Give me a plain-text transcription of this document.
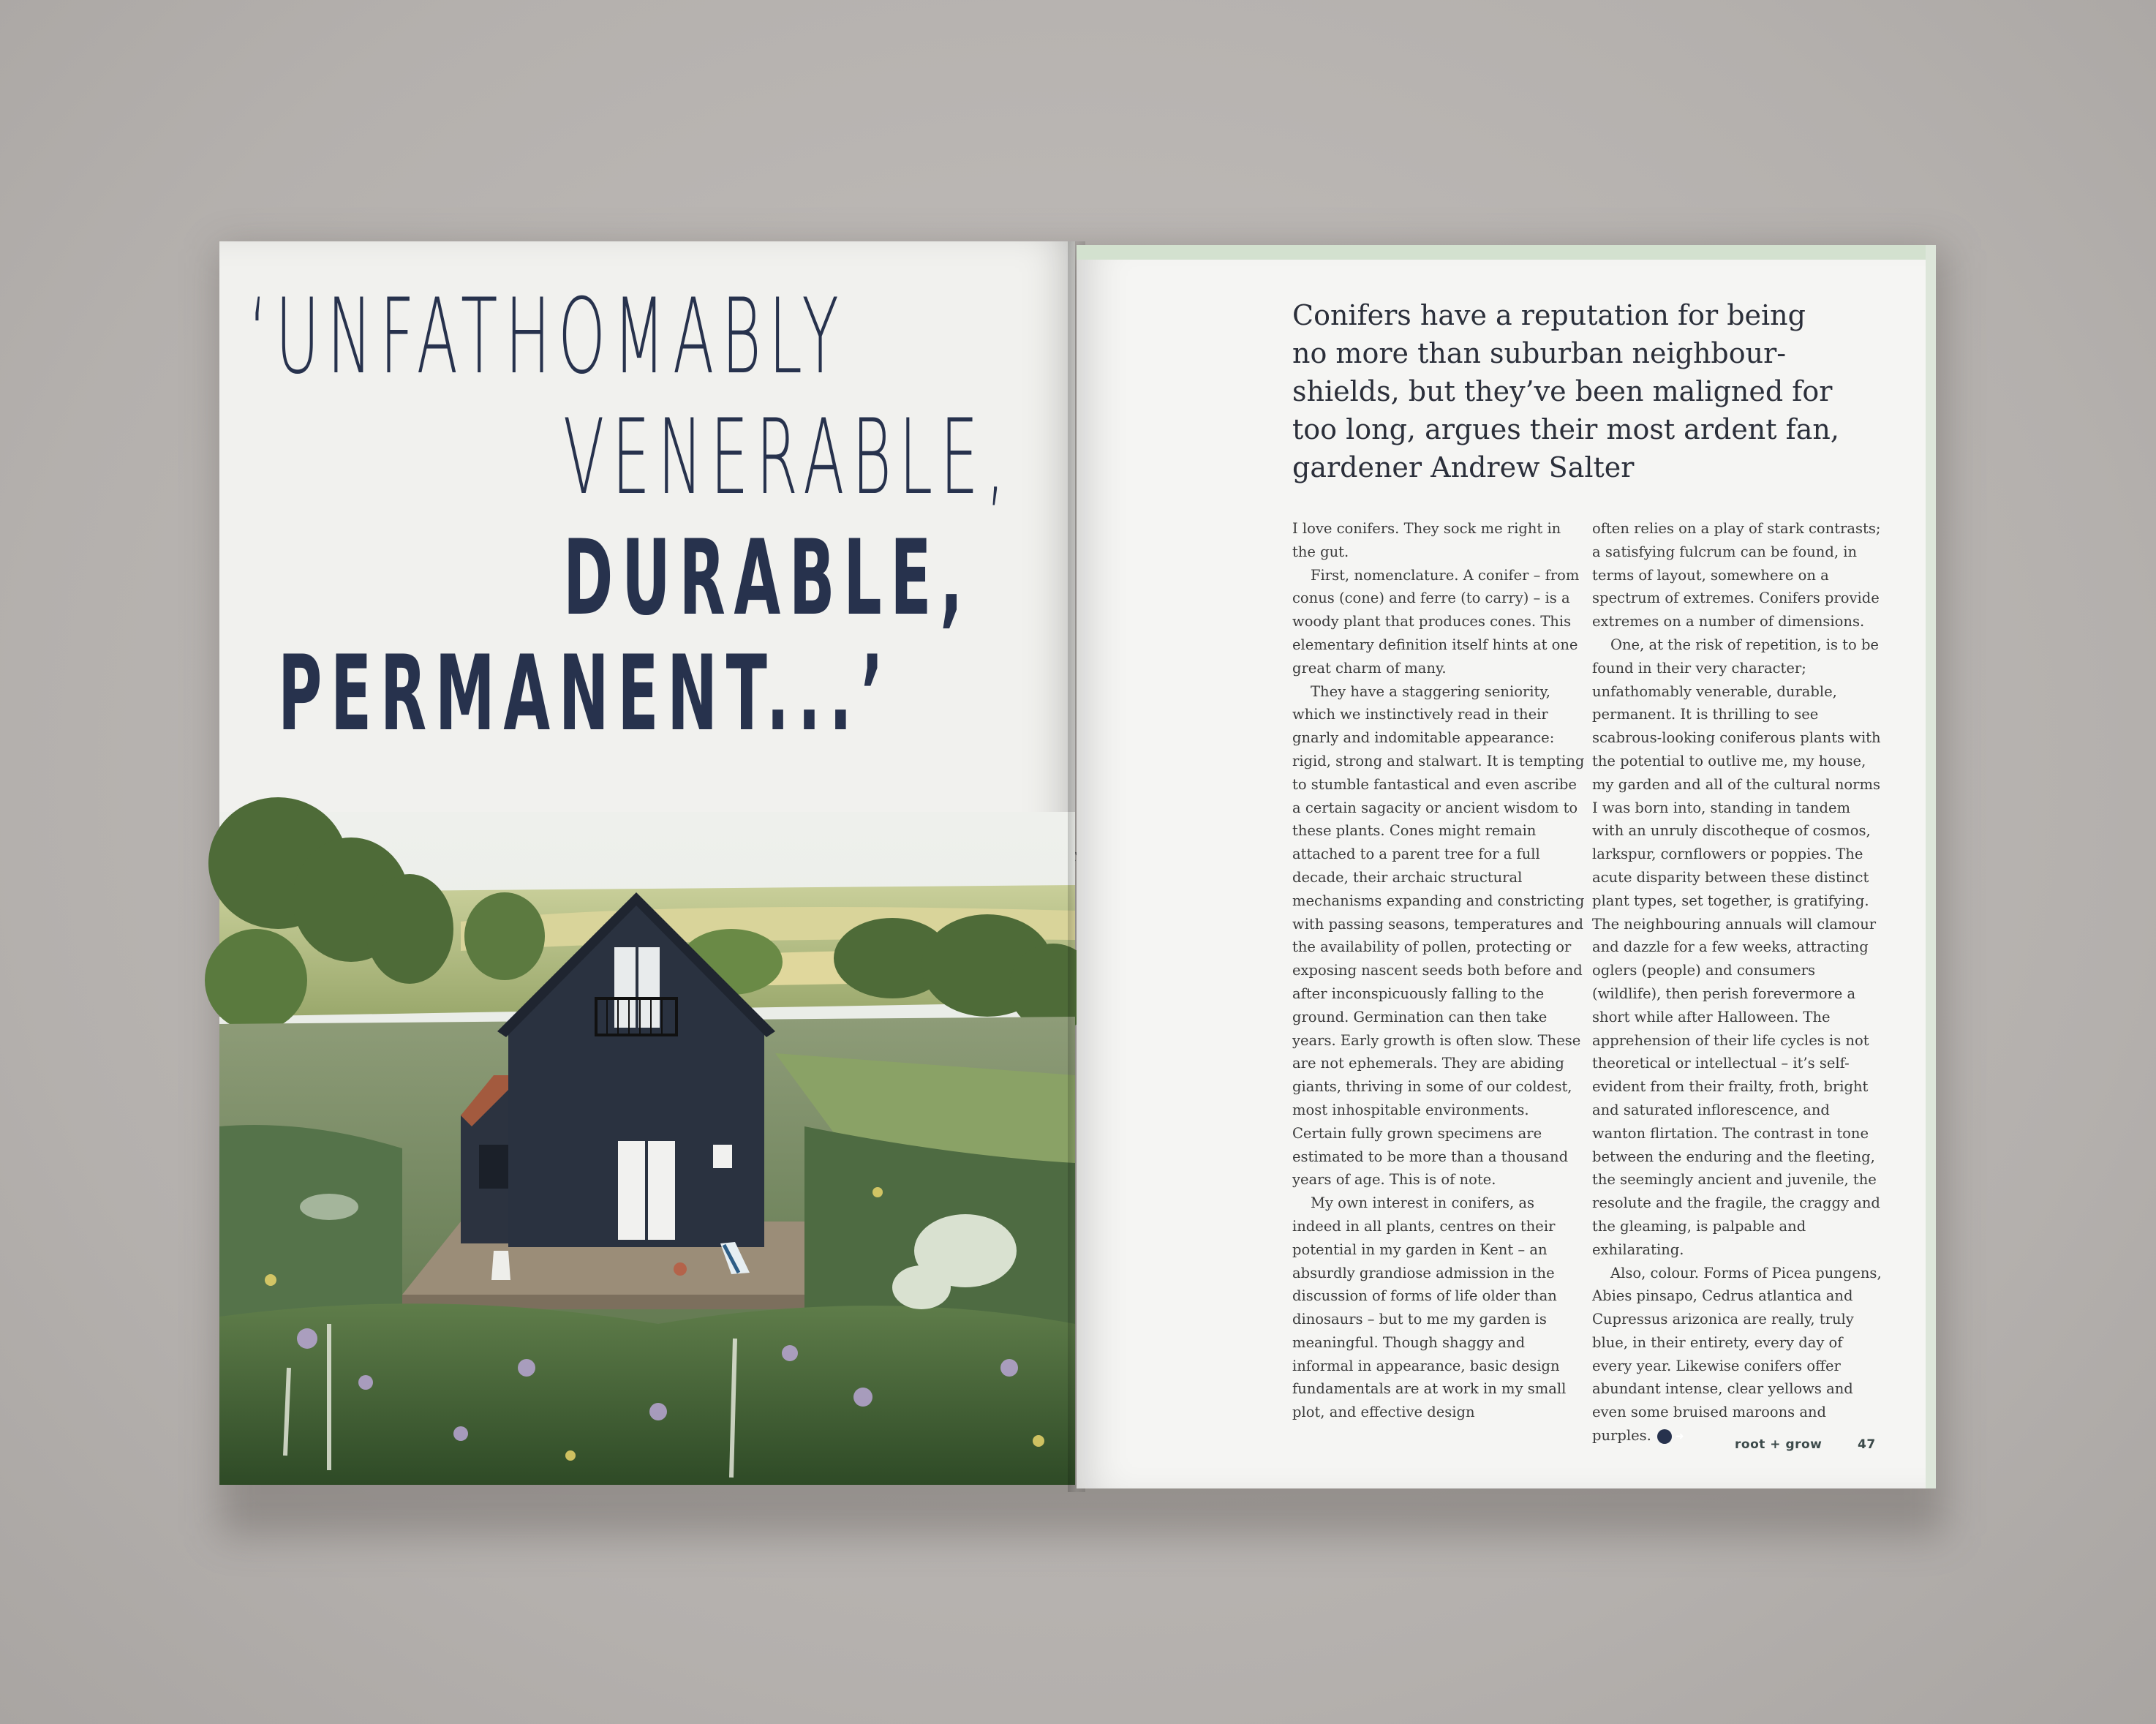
‘UNFATHOMABLY
VENERABLE,
DURABLE,
PERMANENT...’
Conifers have a reputation for being no more than suburban neighbour-shields, but they’ve been maligned for too long, argues their most ardent fan, gardener Andrew Salter

I love conifers. They sock me right in the gut.

First, nomenclature. A conifer – from conus (cone) and ferre (to carry) – is a woody plant that produces cones. This elementary definition itself hints at one great charm of many.

They have a staggering seniority, which we instinctively read in their gnarly and indomitable appearance: rigid, strong and stalwart. It is tempting to stumble fantastical and even ascribe a certain sagacity or ancient wisdom to these plants. Cones might remain attached to a parent tree for a full decade, their archaic structural mechanisms expanding and constricting with passing seasons, temperatures and the availability of pollen, protecting or exposing nascent seeds both before and after inconspicuously falling to the ground. Germination can then take years. Early growth is often slow. These are not ephemerals. They are abiding giants, thriving in some of our coldest, most inhospitable environments. Certain fully grown specimens are estimated to be more than a thousand years of age. This is of note.

My own interest in conifers, as indeed in all plants, centres on their potential in my garden in Kent – an absurdly grandiose admission in the discussion of forms of life older than dinosaurs – but to me my garden is meaningful. Though shaggy and informal in appearance, basic design fundamentals are at work in my small plot, and effective design

often relies on a play of stark contrasts; a satisfying fulcrum can be found, in terms of layout, somewhere on a spectrum of extremes. Conifers provide extremes on a number of dimensions.

One, at the risk of repetition, is to be found in their very character; unfathomably venerable, durable, permanent. It is thrilling to see scabrous-looking coniferous plants with the potential to outlive me, my house, my garden and all of the cultural norms I was born into, standing in tandem with an unruly discotheque of cosmos, larkspur, cornflowers or poppies. The acute disparity between these distinct plant types, set together, is gratifying. The neighbouring annuals will clamour and dazzle for a few weeks, attracting oglers (people) and consumers (wildlife), then perish forevermore a short while after Halloween. The apprehension of their life cycles is not theoretical or intellectual – it’s self-evident from their frailty, froth, bright and saturated inflorescence, and wanton flirtation. The contrast in tone between the enduring and the fleeting, the seemingly ancient and juvenile, the resolute and the fragile, the craggy and the gleaming, is palpable and exhilarating.

Also, colour. Forms of Picea pungens, Abies pinsapo, Cedrus atlantica and Cupressus arizonica are really, truly blue, in their entirety, every day of every year. Likewise conifers offer abundant intense, clear yellows and even some bruised maroons and purples. ➜

root + grow	47
